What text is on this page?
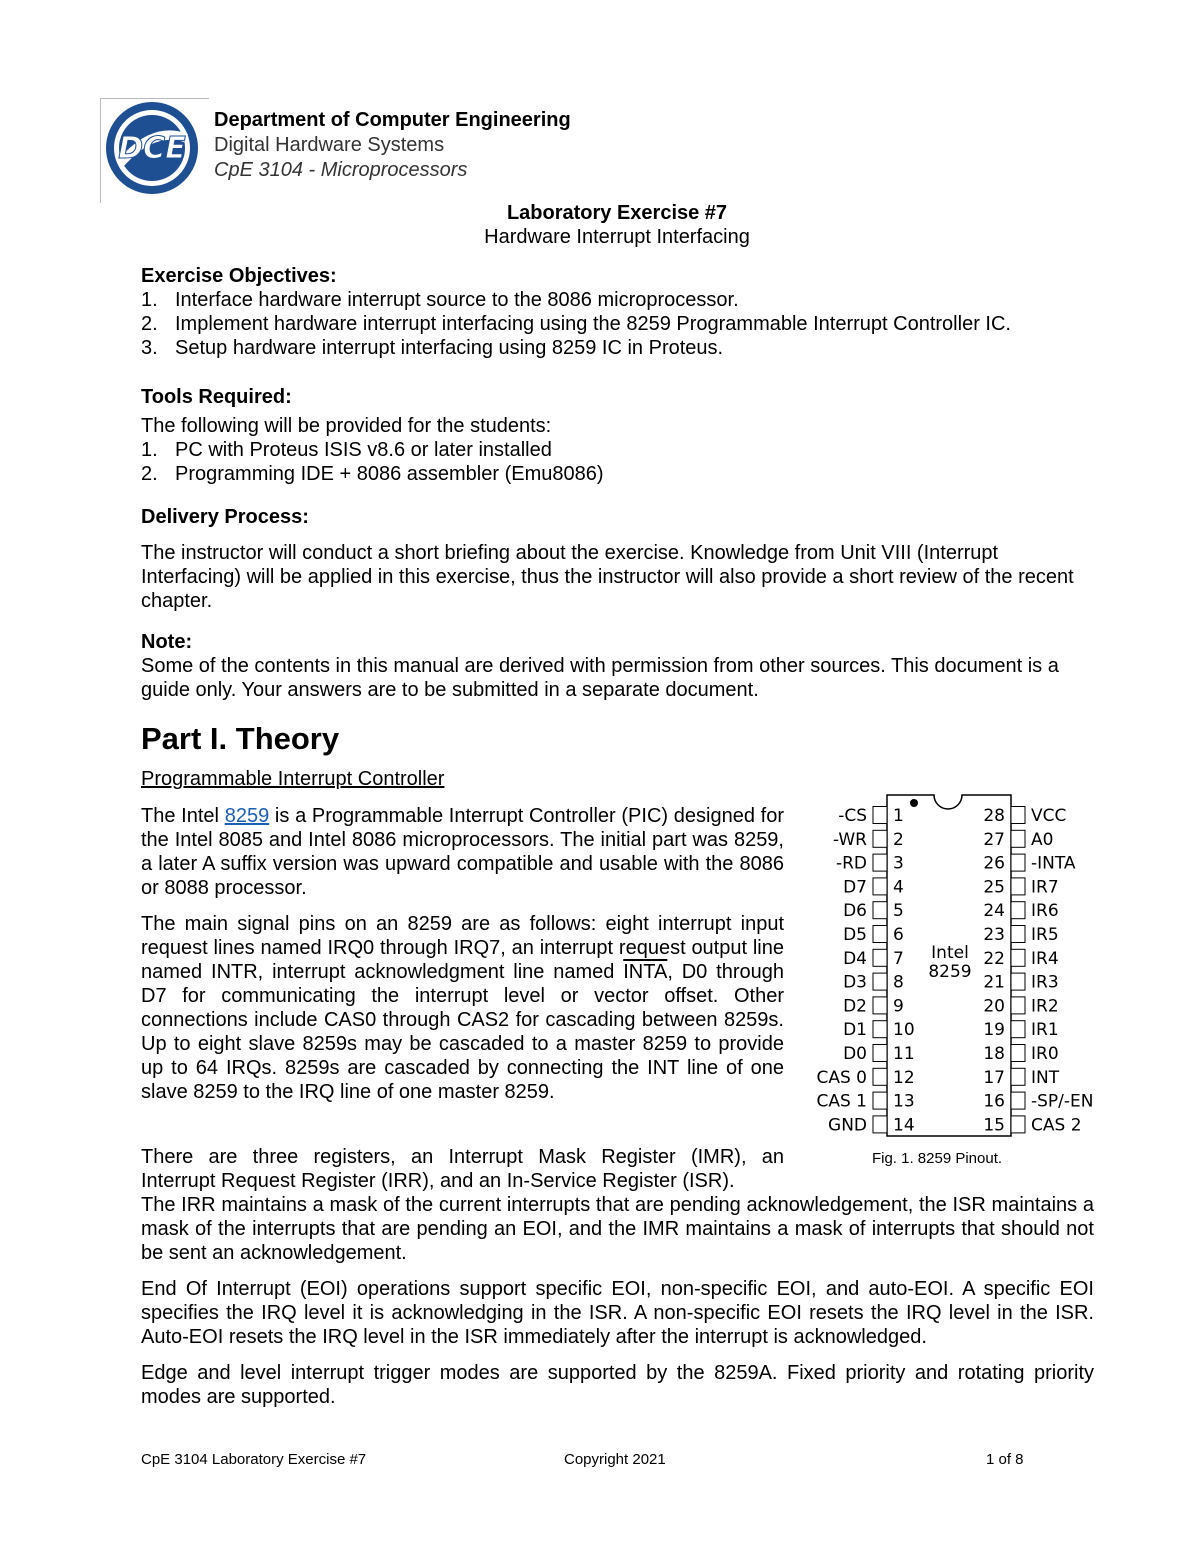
DCE
Department of Computer Engineering
Digital Hardware Systems
CpE 3104 - Microprocessors
Laboratory Exercise #7
Hardware Interrupt Interfacing
Exercise Objectives:
1. Interface hardware interrupt source to the 8086 microprocessor.
2. Implement hardware interrupt interfacing using the 8259 Programmable Interrupt Controller IC.
3. Setup hardware interrupt interfacing using 8259 IC in Proteus.
Tools Required:
The following will be provided for the students:
1. PC with Proteus ISIS v8.6 or later installed
2. Programming IDE + 8086 assembler (Emu8086)
Delivery Process:
The instructor will conduct a short briefing about the exercise. Knowledge from Unit VIII (Interrupt Interfacing) will be applied in this exercise, thus the instructor will also provide a short review of the recent chapter.
Note:
Some of the contents in this manual are derived with permission from other sources. This document is a guide only. Your answers are to be submitted in a separate document.
Part I. Theory
Programmable Interrupt Controller
The Intel 8259 is a Programmable Interrupt Controller (PIC) designed for the Intel 8085 and Intel 8086 microprocessors. The initial part was 8259, a later A suffix version was upward compatible and usable with the 8086 or 8088 processor.
The main signal pins on an 8259 are as follows: eight interrupt input request lines named IRQ0 through IRQ7, an interrupt request output line named INTR, interrupt acknowledgment line named INTA, D0 through D7 for communicating the interrupt level or vector offset. Other connections include CAS0 through CAS2 for cascading between 8259s. Up to eight slave 8259s may be cascaded to a master 8259 to provide up to 64 IRQs. 8259s are cascaded by connecting the INT line of one slave 8259 to the IRQ line of one master 8259.
There are three registers, an Interrupt Mask Register (IMR), an
Interrupt Request Register (IRR), and an In-Service Register (ISR).
The IRR maintains a mask of the current interrupts that are pending acknowledgement, the ISR maintains a mask of the interrupts that are pending an EOI, and the IMR maintains a mask of interrupts that should not be sent an acknowledgement.
End Of Interrupt (EOI) operations support specific EOI, non-specific EOI, and auto-EOI. A specific EOI specifies the IRQ level it is acknowledging in the ISR. A non-specific EOI resets the IRQ level in the ISR. Auto-EOI resets the IRQ level in the ISR immediately after the interrupt is acknowledged.
Edge and level interrupt trigger modes are supported by the 8259A. Fixed priority and rotating priority modes are supported.
Intel
8259
-CS 1
-WR 2
-RD 3
D7 4
D6 5
D5 6
D4 7
D3 8
D2 9
D1 10
D0 11
CAS 0 12
CAS 1 13
GND 14
VCC
28
A0
27
-INTA
26
IR7
25
IR6
24
IR5
23
IR4
22
IR3
21
IR2
20
IR1
19
IR0
18
INT
17
-SP/-EN
16
CAS 2
15
Fig. 1. 8259 Pinout.
CpE 3104 Laboratory Exercise #7	Copyright 2021	1 of 8
